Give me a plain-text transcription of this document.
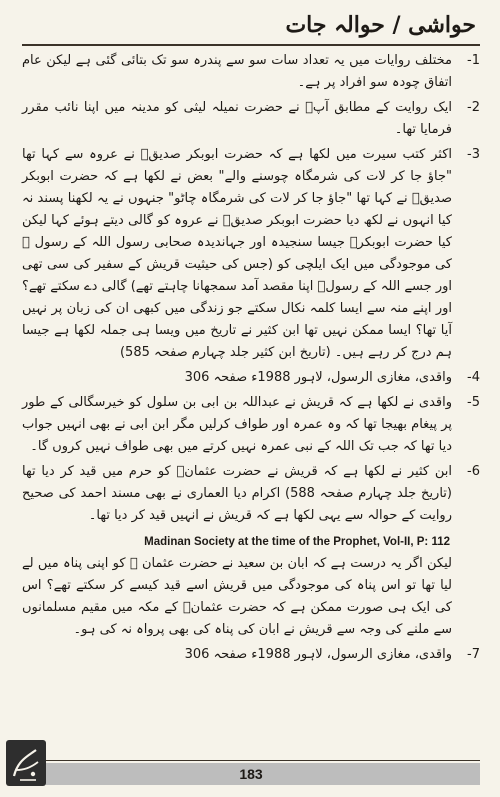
حواشی / حوالہ جات
-1
مختلف روایات میں یہ تعداد سات سو سے پندرہ سو تک بتائی گئی ہے لیکن عام اتفاق چودہ سو افراد پر ہے۔
-2
ایک روایت کے مطابق آپؐ نے حضرت نمیلہ لیثی کو مدینہ میں اپنا نائب مقرر فرمایا تھا۔
-3
اکثر کتب سیرت میں لکھا ہے کہ حضرت ابوبکر صدیقؓ نے عروہ سے کہا تھا "جاؤ جا کر لات کی شرمگاہ چوسنے والے" بعض نے لکھا ہے کہ حضرت ابوبکر صدیقؓ نے کہا تھا "جاؤ جا کر لات کی شرمگاہ چاٹو" جنہوں نے یہ لکھنا پسند نہ کیا انہوں نے لکھ دیا حضرت ابوبکر صدیقؓ نے عروہ کو گالی دیتے ہوئے کہا لیکن کیا حضرت ابوبکرؓ جیسا سنجیدہ اور جہاندیدہ صحابی رسول اللہ کے رسول ﷺ کی موجودگی میں ایک ایلچی کو (جس کی حیثیت قریش کے سفیر کی سی تھی اور جسے اللہ کے رسولؐ اپنا مقصد آمد سمجھانا چاہتے تھے) گالی دے سکتے تھے؟ اور اپنے منہ سے ایسا کلمہ نکال سکتے جو زندگی میں کبھی ان کی زبان پر نہیں آیا تھا؟ ایسا ممکن نہیں تھا ابن کثیر نے تاریخ میں ویسا ہی جملہ لکھا ہے جیسا ہم درج کر رہے ہیں۔ (تاریخ ابن کثیر جلد چہارم صفحہ 585)
-4
واقدی، مغازی الرسول، لاہور 1988ء صفحہ 306
-5
واقدی نے لکھا ہے کہ قریش نے عبداللہ بن ابی بن سلول کو خیرسگالی کے طور پر پیغام بھیجا تھا کہ وہ عمرہ اور طواف کرلیں مگر ابن ابی نے بھی انہیں جواب دیا تھا کہ جب تک اللہ کے نبی عمرہ نہیں کرتے میں بھی طواف نہیں کروں گا۔
-6
ابن کثیر نے لکھا ہے کہ قریش نے حضرت عثمانؓ کو حرم میں قید کر دیا تھا (تاریخ جلد چہارم صفحہ 588) اکرام دیا العماری نے بھی مسند احمد کی صحیح روایت کے حوالہ سے یہی لکھا ہے کہ قریش نے انہیں قید کر دیا تھا۔
Madinan Society at the time of the Prophet, Vol-II, P: 112
لیکن اگر یہ درست ہے کہ ابان بن سعید نے حضرت عثمان ﷺ کو اپنی پناہ میں لے لیا تھا تو اس پناہ کی موجودگی میں قریش اسے قید کیسے کر سکتے تھے؟ اس کی ایک ہی صورت ممکن ہے کہ حضرت عثمانؓ کے مکہ میں مقیم مسلمانوں سے ملنے کی وجہ سے قریش نے ابان کی پناہ کی بھی پرواہ نہ کی ہو۔
-7
واقدی، مغازی الرسول، لاہور 1988ء صفحہ 306
183
